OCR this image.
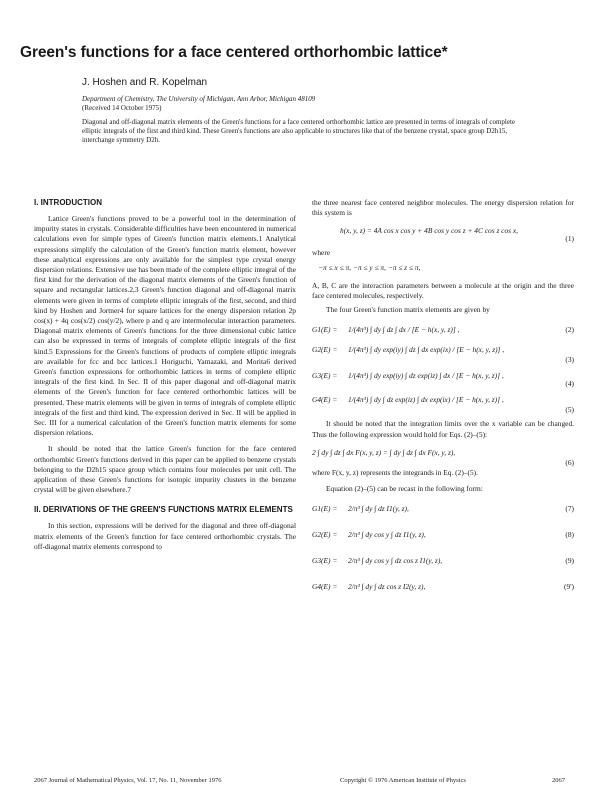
Green's functions for a face centered orthorhombic lattice*
J. Hoshen and R. Kopelman
Department of Chemistry, The University of Michigan, Ann Arbor, Michigan 48109
(Received 14 October 1975)
Diagonal and off-diagonal matrix elements of the Green's functions for a face centered orthorhombic lattice are presented in terms of integrals of complete elliptic integrals of the first and third kind. These Green's functions are also applicable to structures like that of the benzene crystal, space group D2h15, interchange symmetry D2h.
I. INTRODUCTION

Lattice Green's functions proved to be a powerful tool in the determination of impurity states in crystals. Considerable difficulties have been encountered in numerical calculations even for simple types of Green's function matrix elements.1 Analytical expressions simplify the calculation of the Green's function matrix element, however these analytical expressions are only available for the simplest type crystal energy dispersion relations. Extensive use has been made of the complete elliptic integral of the first kind for the derivation of the diagonal matrix elements of the Green's function of square and rectangular lattices.2,3 Green's function diagonal and off-diagonal matrix elements were given in terms of complete elliptic integrals of the first, second, and third kind by Hoshen and Jortner4 for square lattices for the energy dispersion relation 2p cos(x) + 4q cos(x/2) cos(y/2), where p and q are intermolecular interaction parameters. Diagonal matrix elements of Green's functions for the three dimensional cubic lattice can also be expressed in terms of integrals of complete elliptic integrals of the first kind.5 Expressions for the Green's functions of products of complete elliptic integrals are available for fcc and bcc lattices.1 Horiguchi, Yamazaki, and Morita6 derived Green's function expressions for orthorhombic lattices in terms of complete elliptic integrals of the first kind. In Sec. II of this paper diagonal and off-diagonal matrix elements of the Green's function for face centered orthorhombic lattices will be presented. These matrix elements will be given in terms of integrals of complete elliptic integrals of the first and third kind. The expression derived in Sec. II will be applied in Sec. III for a numerical calculation of the Green's function matrix elements for some dispersion relations.

It should be noted that the lattice Green's function for the face centered orthorhombic Green's functions derived in this paper can be applied to benzene crystals belonging to the D2h15 space group which contains four molecules per unit cell. The application of these Green's functions for isotopic impurity clusters in the benzene crystal will be given elsewhere.7

II. DERIVATIONS OF THE GREEN'S FUNCTIONS MATRIX ELEMENTS

In this section, expressions will be derived for the diagonal and three off-diagonal matrix elements of the Green's function for face centered orthorhombic crystals. The off-diagonal matrix elements correspond to

the three nearest face centered neighbor molecules. The energy dispersion relation for this system is

h(x, y, z) = 4A cos x cos y + 4B cos y cos z + 4C cos z cos x,
(1)
where
−π ≤ x ≤ π, −π ≤ y ≤ π, −π ≤ z ≤ π,

A, B, C are the interaction parameters between a molecule at the origin and the three face centered molecules, respectively.

The four Green's function matrix elements are given by

G1(E) = 1/(4π³) ∫ dy ∫ dz ∫ dx / [E − h(x, y, z)] ,	(2)
G2(E) = 1/(4π³) ∫ dy exp(iy) ∫ dz ∫ dx exp(ix) / [E − h(x, y, z)] ,
(3)
G3(E) = 1/(4π³) ∫ dy exp(iy) ∫ dz exp(iz) ∫ dx / [E − h(x, y, z)] ,
(4)
G4(E) = 1/(4π³) ∫ dy ∫ dz exp(iz) ∫ dx exp(ix) / [E − h(x, y, z)] ,
(5)

It should be noted that the integration limits over the x variable can be changed. Thus the following expression would hold for Eqs. (2)–(5):

2 ∫ dy ∫ dz ∫ dx F(x, y, z) = ∫ dy ∫ dz ∫ dx F(x, y, z),
(6)

where F(x, y, z) represents the integrands in Eq. (2)–(5).

Equation (2)–(5) can be recast in the following form:

G1(E) = 2/π³ ∫ dy ∫ dz I1(y, z),	(7)
G2(E) = 2/π³ ∫ dy cos y ∫ dz I1(y, z),	(8)
G3(E) = 2/π³ ∫ dy cos y ∫ dz cos z I1(y, z),	(9)
G4(E) = 2/π³ ∫ dy ∫ dz cos z I2(y, z),	(9')
2067 Journal of Mathematical Physics, Vol. 17, No. 11, November 1976	Copyright © 1976 American Institute of Physics	2067
